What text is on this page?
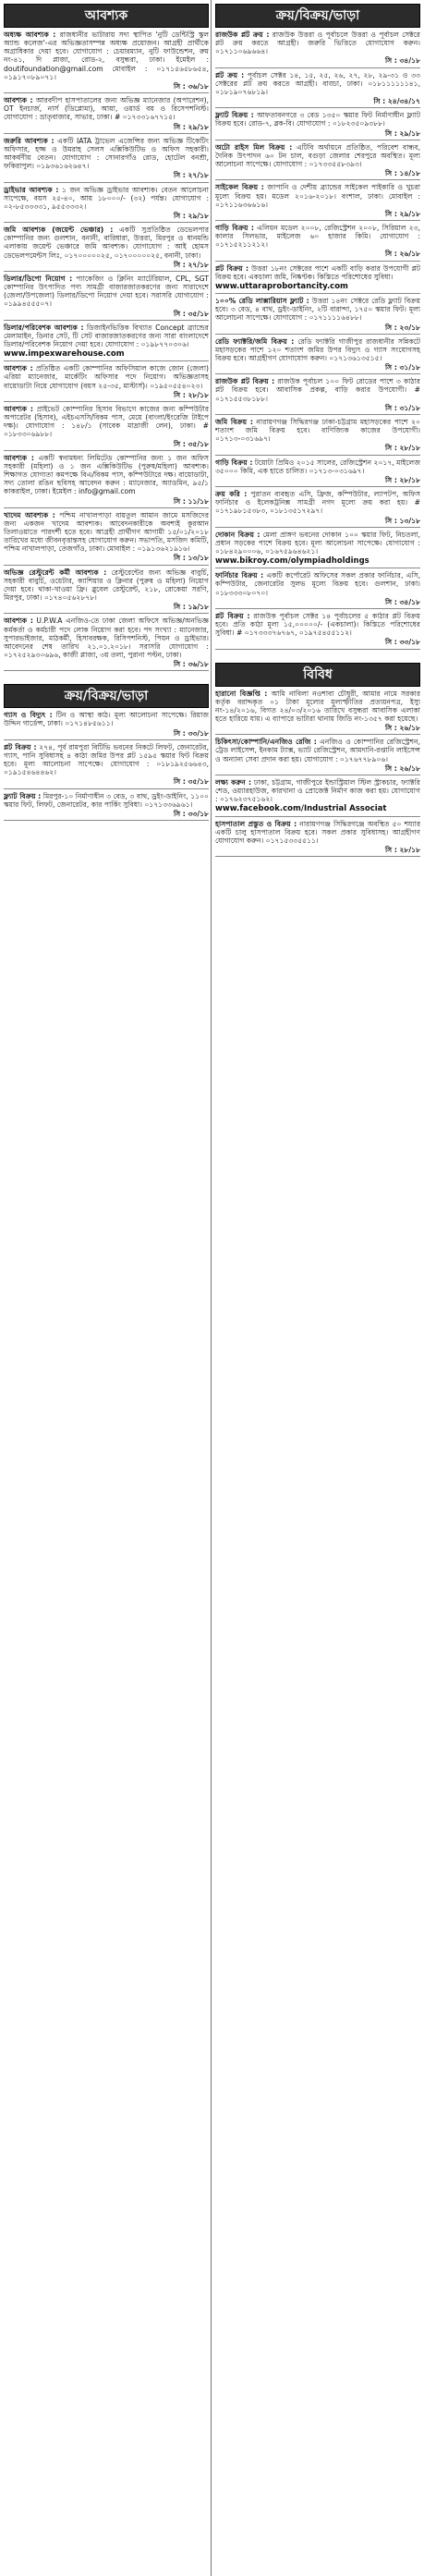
আবশ্যক
অধ্যক্ষ আবশ্যক : রাজধানীর ভাটারায় সদ্য স্থাপিত 'নুটি ডেন্টিস্ট্রি স্কুল অ্যান্ড কলেজ'-এর অভিজ্ঞতাসম্পন্ন অধ্যক্ষ প্রয়োজন। আগ্রহী প্রার্থীকে অগ্রাধিকার দেয়া হবে। যোগাযোগ : চেয়ারম্যান, নুটি ফাউন্ডেশন, রুম নং-৪১, দি প্লাজা, রোড-২, বসুন্ধরা, ঢাকা। ইমেইল : doutifoundation@gmail.com মোবাইল : ০১৭১৫৬৫৮৬৫৪, ০১৯১৭০৮৯০৭১।
সি : ৩৬/১৮
আবশ্যক : আরবদীপ হাসপাতালের জন্য অভিজ্ঞ ম্যানেজার (অপারেশন), OT ইনচার্জ, নার্স (ডিপ্লোমা), আয়া, ওয়ার্ড বয় ও রিসেপশনিস্ট। যোগাযোগ : ভ্রাতৃবাজার, সাভার, ঢাকা। # ০১৭৩৩১৬৭৭১৫।
সি : ২৯/১৮
জরুরি আবশ্যক : একটি IATA ট্রাভেল এজেন্সির জন্য অভিজ্ঞ টিকেটিং অফিসার, হজ্জ ও উমরাহ সেলস এক্সিকিউটিভ ও অফিস সহকারী। আকর্ষণীয় বেতন। যোগাযোগ : সোনারগাঁও রোড, হোটেল বনশ্রী, ফকিরাপুল। ০১৯৩৬১৬২৬৪৭।
সি : ২৭/১৮
ড্রাইভার আবশ্যক : ১ জন অভিজ্ঞ ড্রাইভার আবশ্যক। বেতন আলোচনা সাপেক্ষে, বয়স ২৫-৪০, আয় ১৮০০০/- (৩২) পর্যন্ত। যোগাযোগ : ০২-৮৫৩৩৩৩১, ৯৫৫৩৩৩২।
সি : ২৯/১৮
জমি আবশ্যক (জয়েন্ট ভেঞ্চার) : একটি সুপ্রতিষ্ঠিত ডেভেলপার কোম্পানির জন্য গুলশান, বনানী, বারিধারা, উত্তরা, মিরপুর ও ধানমন্ডি এলাকায় জয়েন্ট ভেঞ্চারে জমি আবশ্যক। যোগাযোগ : আই হোমস ডেভেলপমেন্টস লিঃ, ০১৭০০০০০২৫, ০১৭০০০০০২৫, বনানী, ঢাকা।
সি : ২৭/১৮
ডিলার/ডিপো নিয়োগ : প্যাকেজিং ও ক্লিনিং ম্যাটেরিয়াল, CPL, SGT কোম্পানির উৎপাদিত পণ্য সামগ্রী বাজারজাতকরণের জন্য সারাদেশে (জেলা/উপজেলা) ডিলার/ডিপো নিয়োগ দেয়া হবে। সরাসরি যোগাযোগ : ০১৯৯৪৫৫৫০৭।
সি : ৩৫/১৮
ডিলার/পরিবেশক আবশ্যক : ডিজাইনভিত্তিক বিখ্যাত Concept ব্র্যান্ডের মেলামাইন, ডিনার সেট, টি সেট বাজারজাতকরণের জন্য সারা বাংলাদেশে ডিলার/পরিবেশক নিয়োগ দেয়া হবে। যোগাযোগ : ০১৯৮৭৭০৩০৬।
www.impexwarehouse.com
আবশ্যক : প্রতিষ্ঠিত একটি কোম্পানির অফিসিয়াল কাজে জোন (জেলা) এরিয়া ম্যানেজার, মার্কেটিং অফিসার পদে নিয়োগ। অভিজ্ঞতাসহ বায়োডাটা নিয়ে যোগাযোগ (বয়স ২৫-৩৫, মাস্টার্স)। ০১৯৫০৫৫৪০২৩।
সি : ২৮/১৮
আবশ্যক : প্রাইভেট কোম্পানির হিসাব বিভাগে কাজের জন্য কম্পিউটার অপারেটর (হিসাব), এইচএসসি/বিকম পাস, মেয়ে (বাংলা/ইংরেজি টাইপে দক্ষ)। যোগাযোগ : ১৪৮/১ (সাবেক মাদ্রাজী লেন), ঢাকা। # ০১৮৩৩০৬৯৮৮।
সি : ৩৫/১৮
আবশ্যক : একটি স্বনামধন্য লিমিটেড কোম্পানির জন্য ১ জন অফিস সহকারী (মহিলা) ও ১ জন এক্সিকিউটিভ (পুরুষ/মহিলা) আবশ্যক। শিক্ষাগত যোগ্যতা কমপক্ষে বিএ/বিকম পাস, কম্পিউটারে দক্ষ। বায়োডাটা, সদ্য তোলা রঙিন ছবিসহ আবেদন করুন : ম্যানেজার, অ্যাডমিন, ৯৫/১ কাকরাইল, ঢাকা। ইমেইল : info@gmail.com
সি : ১১/১৮
খাদেম আবশ্যক : পশ্চিম নাখালপাড়া বায়তুল আমান জামে মসজিদের জন্য একজন খাদেম আবশ্যক। আবেদনকারীকে অবশ্যই কুরআন তিলাওয়াতে পারদর্শী হতে হবে। আগ্রহী প্রার্থীগণ আগামী ১৫/০১/২০১৮ তারিখের মধ্যে জীবনবৃত্তান্তসহ যোগাযোগ করুন। সভাপতি, মসজিদ কমিটি, পশ্চিম নাখালপাড়া, তেজগাঁও, ঢাকা। মোবাইল : ০১৯১৩৬২১৯১৬।
সি : ১৩/১৮
অভিজ্ঞ রেস্টুরেন্ট কর্মী আবশ্যক : রেস্টুরেন্টের জন্য অভিজ্ঞ বাবুর্চি, সহকারী বাবুর্চি, ওয়েটার, ক্যাশিয়ার ও ক্লিনার (পুরুষ ও মহিলা) নিয়োগ দেয়া হবে। থাকা-খাওয়া ফ্রি। ব্লুবেল রেস্টুরেন্ট, ২১৮, রোকেয়া সরণি, মিরপুর, ঢাকা। ০১৭৪০৫৬২৮৭৮।
সি : ১৯/১৮
আবশ্যক : U.P.W.A এনজিও-তে ঢাকা জেলা অফিসে অভিজ্ঞ/অনভিজ্ঞ কর্মকর্তা ও কর্মচারী পদে লোক নিয়োগ করা হবে। পদ সংখ্যা : ম্যানেজার, সুপারভাইজার, মাঠকর্মী, হিসাবরক্ষক, রিসিপশনিস্ট, পিয়ন ও ড্রাইভার। আবেদনের শেষ তারিখ ২১.০১.২০১৮। সরাসরি যোগাযোগ : ০১৭২৫২৯৩০৬৯৬, কাজী প্লাজা, ৩য় তলা, পুরানা পল্টন, ঢাকা।
সি : ৩৬/১৮
ক্রয়/বিক্রয়/ভাড়া
গ্যাস ও বিদ্যুৎ : টিন ও আস্থা কাঠ। মূল্য আলোচনা সাপেক্ষে। রিয়াজ উদ্দিন গার্ডেন্স, ঢাকা। ০১৭১৪৮৫৬১১।
সি : ৩৩/১৮
প্লট বিক্রয় : ২৭৪, পূর্ব রামপুরা বিটিভি ভবনের নিকটে লিফট, জেনারেটর, গ্যাস, পানি সুবিধাসহ ৪ কাঠা জমির উপর প্লট ১৫৯৫ স্কয়ার ফিট বিক্রয় হবে। মূল্য আলোচনা সাপেক্ষে। যোগাযোগ : ০১৮১৯২৫৬৬৪৩, ০১৯১৫৪৬৪৪৬২।
সি : ৩৫/১৮
ফ্ল্যাট বিক্রয় : মিরপুর-১০ নির্মাণাধীন ৩ বেড, ৩ বাথ, ড্রইং-ডাইনিং, ১১০০ স্কয়ার ফিট, লিফট, জেনারেটর, কার পার্কিং সুবিধা। ০১৭১৩৩৬৯৬১।
সি : ৩৩/১৮
ক্রয়/বিক্রয়/ভাড়া
রাজউক প্লট ক্রয় : রাজউক উত্তরা ও পূর্বাচলে উত্তরা ও পূর্বাচল সেক্টরে প্লট ক্রয় করতে আগ্রহী। জরুরি ভিত্তিতে যোগাযোগ করুন। ০১৭১১০৬৯৬৬৪।
সি : ৩৪/১৮
প্লট ক্রয় : পূর্বাচল সেক্টর ১৪, ১৫, ২৫, ২৬, ২৭, ২৮, ২৯-৩১ ও ৩৩ সেক্টরের প্লট ক্রয় করতে আগ্রহী। বাড্ডা, ঢাকা। ০১৮১১১১১১৪১, ০১৮১৯০৭৬৮১৯।
সি : ২৪/৩৪/১৭
ফ্ল্যাট বিক্রয় : আফতাবনগরে ৩ বেড ১৩৫০ স্কয়ার ফিট নির্মাণাধীন ফ্ল্যাট বিক্রয় হবে। রোড-৭, ব্লক-বি। যোগাযোগ : ০১৮২৩৫০৯৩৮৮।
সি : ২৯/১৮
অটো রাইস মিল বিক্রয় : এটিবি অর্থায়নে প্রতিষ্ঠিত, পরিবেশ বান্ধব, দৈনিক উৎপাদন ৬০ টন চাল, বগুড়া জেলার শেরপুরে অবস্থিত। মূল্য আলোচনা সাপেক্ষে। যোগাযোগ : ০১৭৩৩৫৫৮৩৯৩।
সি : ১৪/১৮
সাইকেল বিক্রয় : জাপানি ও দেশীয় ব্র্যান্ডের সাইকেল পাইকারি ও খুচরা মূল্যে বিক্রয় হয়। মডেল ২০১৬-২০১৮। বংশাল, ঢাকা। মোবাইল : ০১৭১১৬৩৬৬১৬।
সি : ২৯/১৮
গাড়ি বিক্রয় : এলিয়ন মডেল ২০০৮, রেজিস্ট্রেশন ২০০৮, সিরিয়াল ২৩, কালার সিলভার, মাইলেজ ৬০ হাজার কিমি। যোগাযোগ : ০১৭১৫২১১২১২।
সি : ২৬/১৮
প্লট বিক্রয় : উত্তরা ১৮নং সেক্টরের পাশে একটি বাড়ি করার উপযোগী প্লট বিক্রয় হবে। একচালা জমি, নিষ্কণ্টক। কিস্তিতে পরিশোধের সুবিধা।
www.uttaraprobortancity.com
১০০% রেডি লাক্সারিয়াস ফ্ল্যাট : উত্তরা ১৪নং সেক্টরে রেডি ফ্ল্যাট বিক্রয় হবে। ৩ বেড, ৪ বাথ, ড্রইং-ডাইনিং, ২টি বারান্দা, ১৭৫০ স্কয়ার ফিট। মূল্য আলোচনা সাপেক্ষে। যোগাযোগ : ০১৭১১১১৬৪৮৮।
সি : ২৩/১৮
রেডি ফ্যাক্টরি/জমি বিক্রয় : রেডি ফ্যাক্টরি গাজীপুর রাজধানীর সন্নিকটে মহাসড়কের পাশে ১২০ শতাংশ জমির উপর বিদ্যুৎ ও গ্যাস সংযোগসহ বিক্রয় হবে। আগ্রহীগণ যোগাযোগ করুন। ০১৭১৩৬১৩৫১৫।
সি : ৩১/১৮
রাজউক প্লট বিক্রয় : রাজউক পূর্বাচল ১০০ ফিট রোডের পাশে ৩ কাঠার প্লট বিক্রয় হবে। আবাসিক প্রকল্প, বাড়ি করার উপযোগী। # ০১৭১৫৫৩৮১৮৮।
সি : ৩১/১৮
জমি বিক্রয় : নারায়ণগঞ্জ সিদ্ধিরগঞ্জ ঢাকা-চট্টগ্রাম মহাসড়কের পাশে ২০ শতাংশ জমি বিক্রয় হবে। বাণিজ্যিক কাজের উপযোগী। ০১৭১৩-০৩১৬৯৭।
সি : ২৮/১৮
গাড়ি বিক্রয় : টয়োটা প্রিমিও ২০১৫ সালের, রেজিস্ট্রেশন ২০১৭, মাইলেজ ৩৫০০০ কিমি, এক হাতে চালিত। ০১৭১৩-০৩১৬৯৭।
সি : ২৮/১৮
ক্রয় করি : পুরাতন ব্যবহৃত এসি, ফ্রিজ, কম্পিউটার, ল্যাপটপ, অফিস ফার্নিচার ও ইলেকট্রনিক্স সামগ্রী নগদ মূল্যে ক্রয় করা হয়। # ০১৭১৯৮১৫৩৮৩, ০১৮১৩৫১৭২৯৭।
সি : ১৩/১৮
দোকান বিক্রয় : মেলা প্রাঙ্গণ ভবনের দোকান ১০০ স্কয়ার ফিট, নিচতলা, প্রধান সড়কের পাশে বিক্রয় হবে। মূল্য আলোচনা সাপেক্ষে। যোগাযোগ : ০১৮৪২৯০০০৬, ০১৬৭৫৯৬৪৬২১।
www.bikroy.com/olympiadholdings
ফার্নিচার বিক্রয় : একটি কর্পোরেট অফিসের সকল প্রকার ফার্নিচার, এসি, কম্পিউটার, জেনারেটর সুলভ মূল্যে বিক্রয় হবে। গুলশান, ঢাকা। ০১৮৩৩৩০৮০৭০।
সি : ৩৪/১৮
প্লট বিক্রয় : রাজউক পূর্বাচল সেক্টর ১৪ পূর্বাচলের ৫ কাঠার প্লট বিক্রয় হবে। প্রতি কাঠা মূল্য ১৫,০০০০০/- (একচালা)। কিস্তিতে পরিশোধের সুবিধা। # ০১৭৩৩৩৭৬৭৬৭, ০১৯৭৫৪৫৫১১২।
সি : ৩৩/১৮
বিবিধ
হারানো বিজ্ঞপ্তি : আমি নাবিলা নওশাবা চৌধুরী, আমার নামে সরকার কর্তৃক বরাদ্দকৃত ০১ টাকা মূল্যের মূল্যস্ফীতির প্রত্যয়নপত্র, ইস্যু নং-১৪/২০১৬, বিগত ২৪/০৩/২০১৬ তারিখে বসুন্ধরা আবাসিক এলাকা হতে হারিয়ে যায়। এ ব্যাপারে ভাটারা থানায় জিডি নং-১৩৫৭ করা হয়েছে।
সি : ২৬/১৮
চিকিৎসা/কোম্পানি/এনজিও রেজি : এনজিও ও কোম্পানির রেজিস্ট্রেশন, ট্রেড লাইসেন্স, ইনকাম ট্যাক্স, ভ্যাট রেজিস্ট্রেশন, আমদানি-রপ্তানি লাইসেন্স ও অন্যান্য সেবা প্রদান করা হয়। যোগাযোগ : ০১৭৬৭৭৮৯০৬।
সি : ২৬/১৮
লক্ষ্য করুন : ঢাকা, চট্টগ্রাম, গাজীপুরে ইন্ডাস্ট্রিয়াল স্টিল স্ট্রাকচার, ফ্যাক্টরি শেড, ওয়্যারহাউজ, কারখানা ও প্রোজেক্ট নির্মাণ কাজ করা হয়। যোগাযোগ : ০১৭৬২৩৭৫১৬২।
www.facebook.com/Industrial Associat
হাসপাতাল প্রস্তুত ও বিক্রয় : নারায়ণগঞ্জ সিদ্ধিরগঞ্জে অবস্থিত ৫০ শয্যার একটি চালু হাসপাতাল বিক্রয় হবে। সকল প্রকার সুবিধাসহ। আগ্রহীগণ যোগাযোগ করুন। ০১৭১৫৩৩৫৫১১।
সি : ২৮/১৮
